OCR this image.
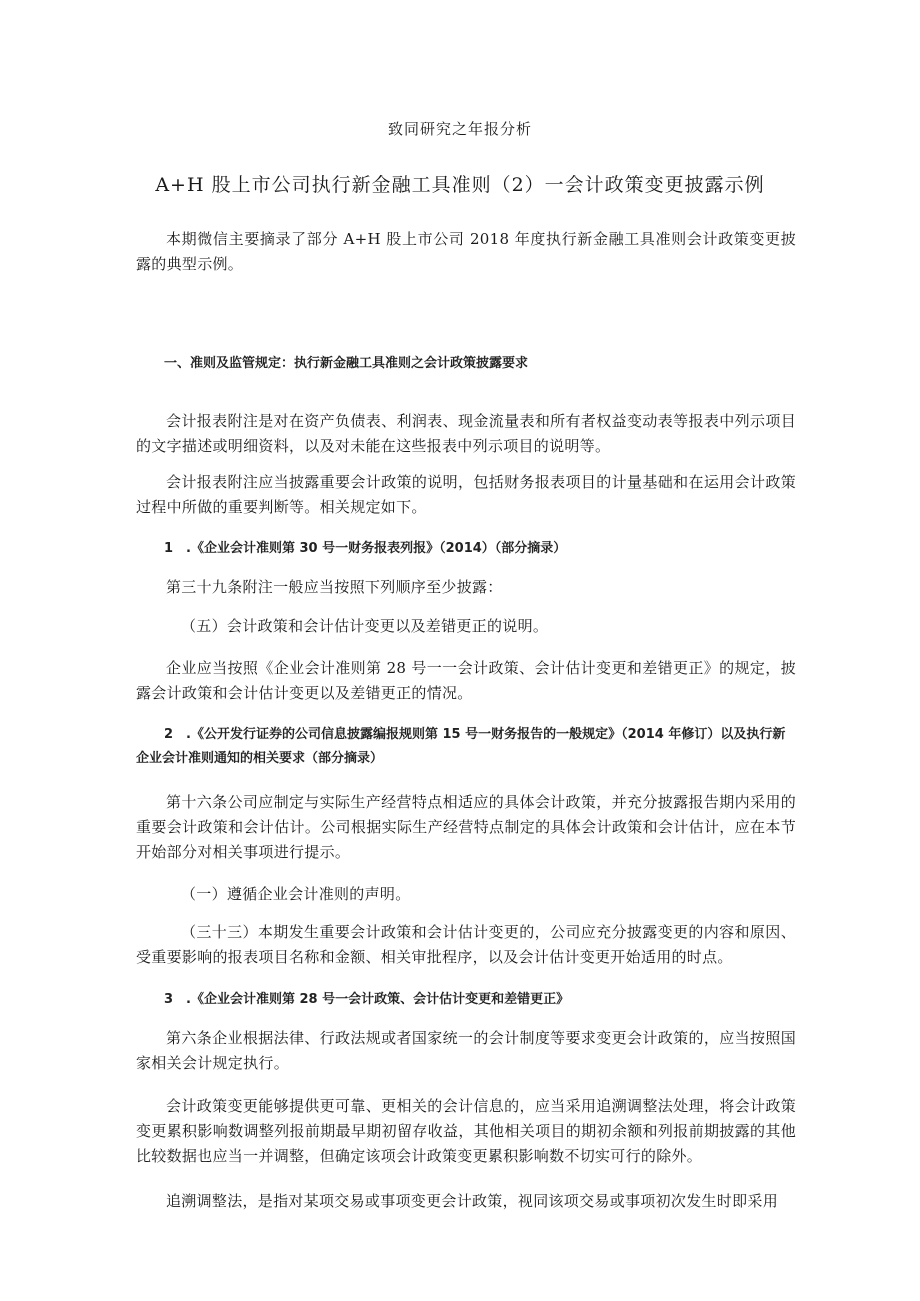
致同研究之年报分析
A+H 股上市公司执行新金融工具准则（2）一会计政策变更披露示例
本期微信主要摘录了部分 A+H 股上市公司 2018 年度执行新金融工具准则会计政策变更披露的典型示例。
一、准则及监管规定：执行新金融工具准则之会计政策披露要求
会计报表附注是对在资产负债表、利润表、现金流量表和所有者权益变动表等报表中列示项目的文字描述或明细资料，以及对未能在这些报表中列示项目的说明等。
会计报表附注应当披露重要会计政策的说明，包括财务报表项目的计量基础和在运用会计政策过程中所做的重要判断等。相关规定如下。
1　.《企业会计准则第 30 号一财务报表列报》（2014）（部分摘录）
第三十九条附注一般应当按照下列顺序至少披露：
（五）会计政策和会计估计变更以及差错更正的说明。
企业应当按照《企业会计准则第 28 号一一会计政策、会计估计变更和差错更正》的规定，披露会计政策和会计估计变更以及差错更正的情况。
2　.《公开发行证券的公司信息披露编报规则第 15 号一财务报告的一般规定》（2014 年修订）以及执行新企业会计准则通知的相关要求（部分摘录）
第十六条公司应制定与实际生产经营特点相适应的具体会计政策，并充分披露报告期内采用的重要会计政策和会计估计。公司根据实际生产经营特点制定的具体会计政策和会计估计，应在本节开始部分对相关事项进行提示。
（一）遵循企业会计准则的声明。
（三十三）本期发生重要会计政策和会计估计变更的，公司应充分披露变更的内容和原因、受重要影响的报表项目名称和金额、相关审批程序，以及会计估计变更开始适用的时点。
3　.《企业会计准则第 28 号一会计政策、会计估计变更和差错更正》
第六条企业根据法律、行政法规或者国家统一的会计制度等要求变更会计政策的，应当按照国家相关会计规定执行。
会计政策变更能够提供更可靠、更相关的会计信息的，应当采用追溯调整法处理，将会计政策变更累积影响数调整列报前期最早期初留存收益，其他相关项目的期初余额和列报前期披露的其他比较数据也应当一并调整，但确定该项会计政策变更累积影响数不切实可行的除外。
追溯调整法，是指对某项交易或事项变更会计政策，视同该项交易或事项初次发生时即采用
